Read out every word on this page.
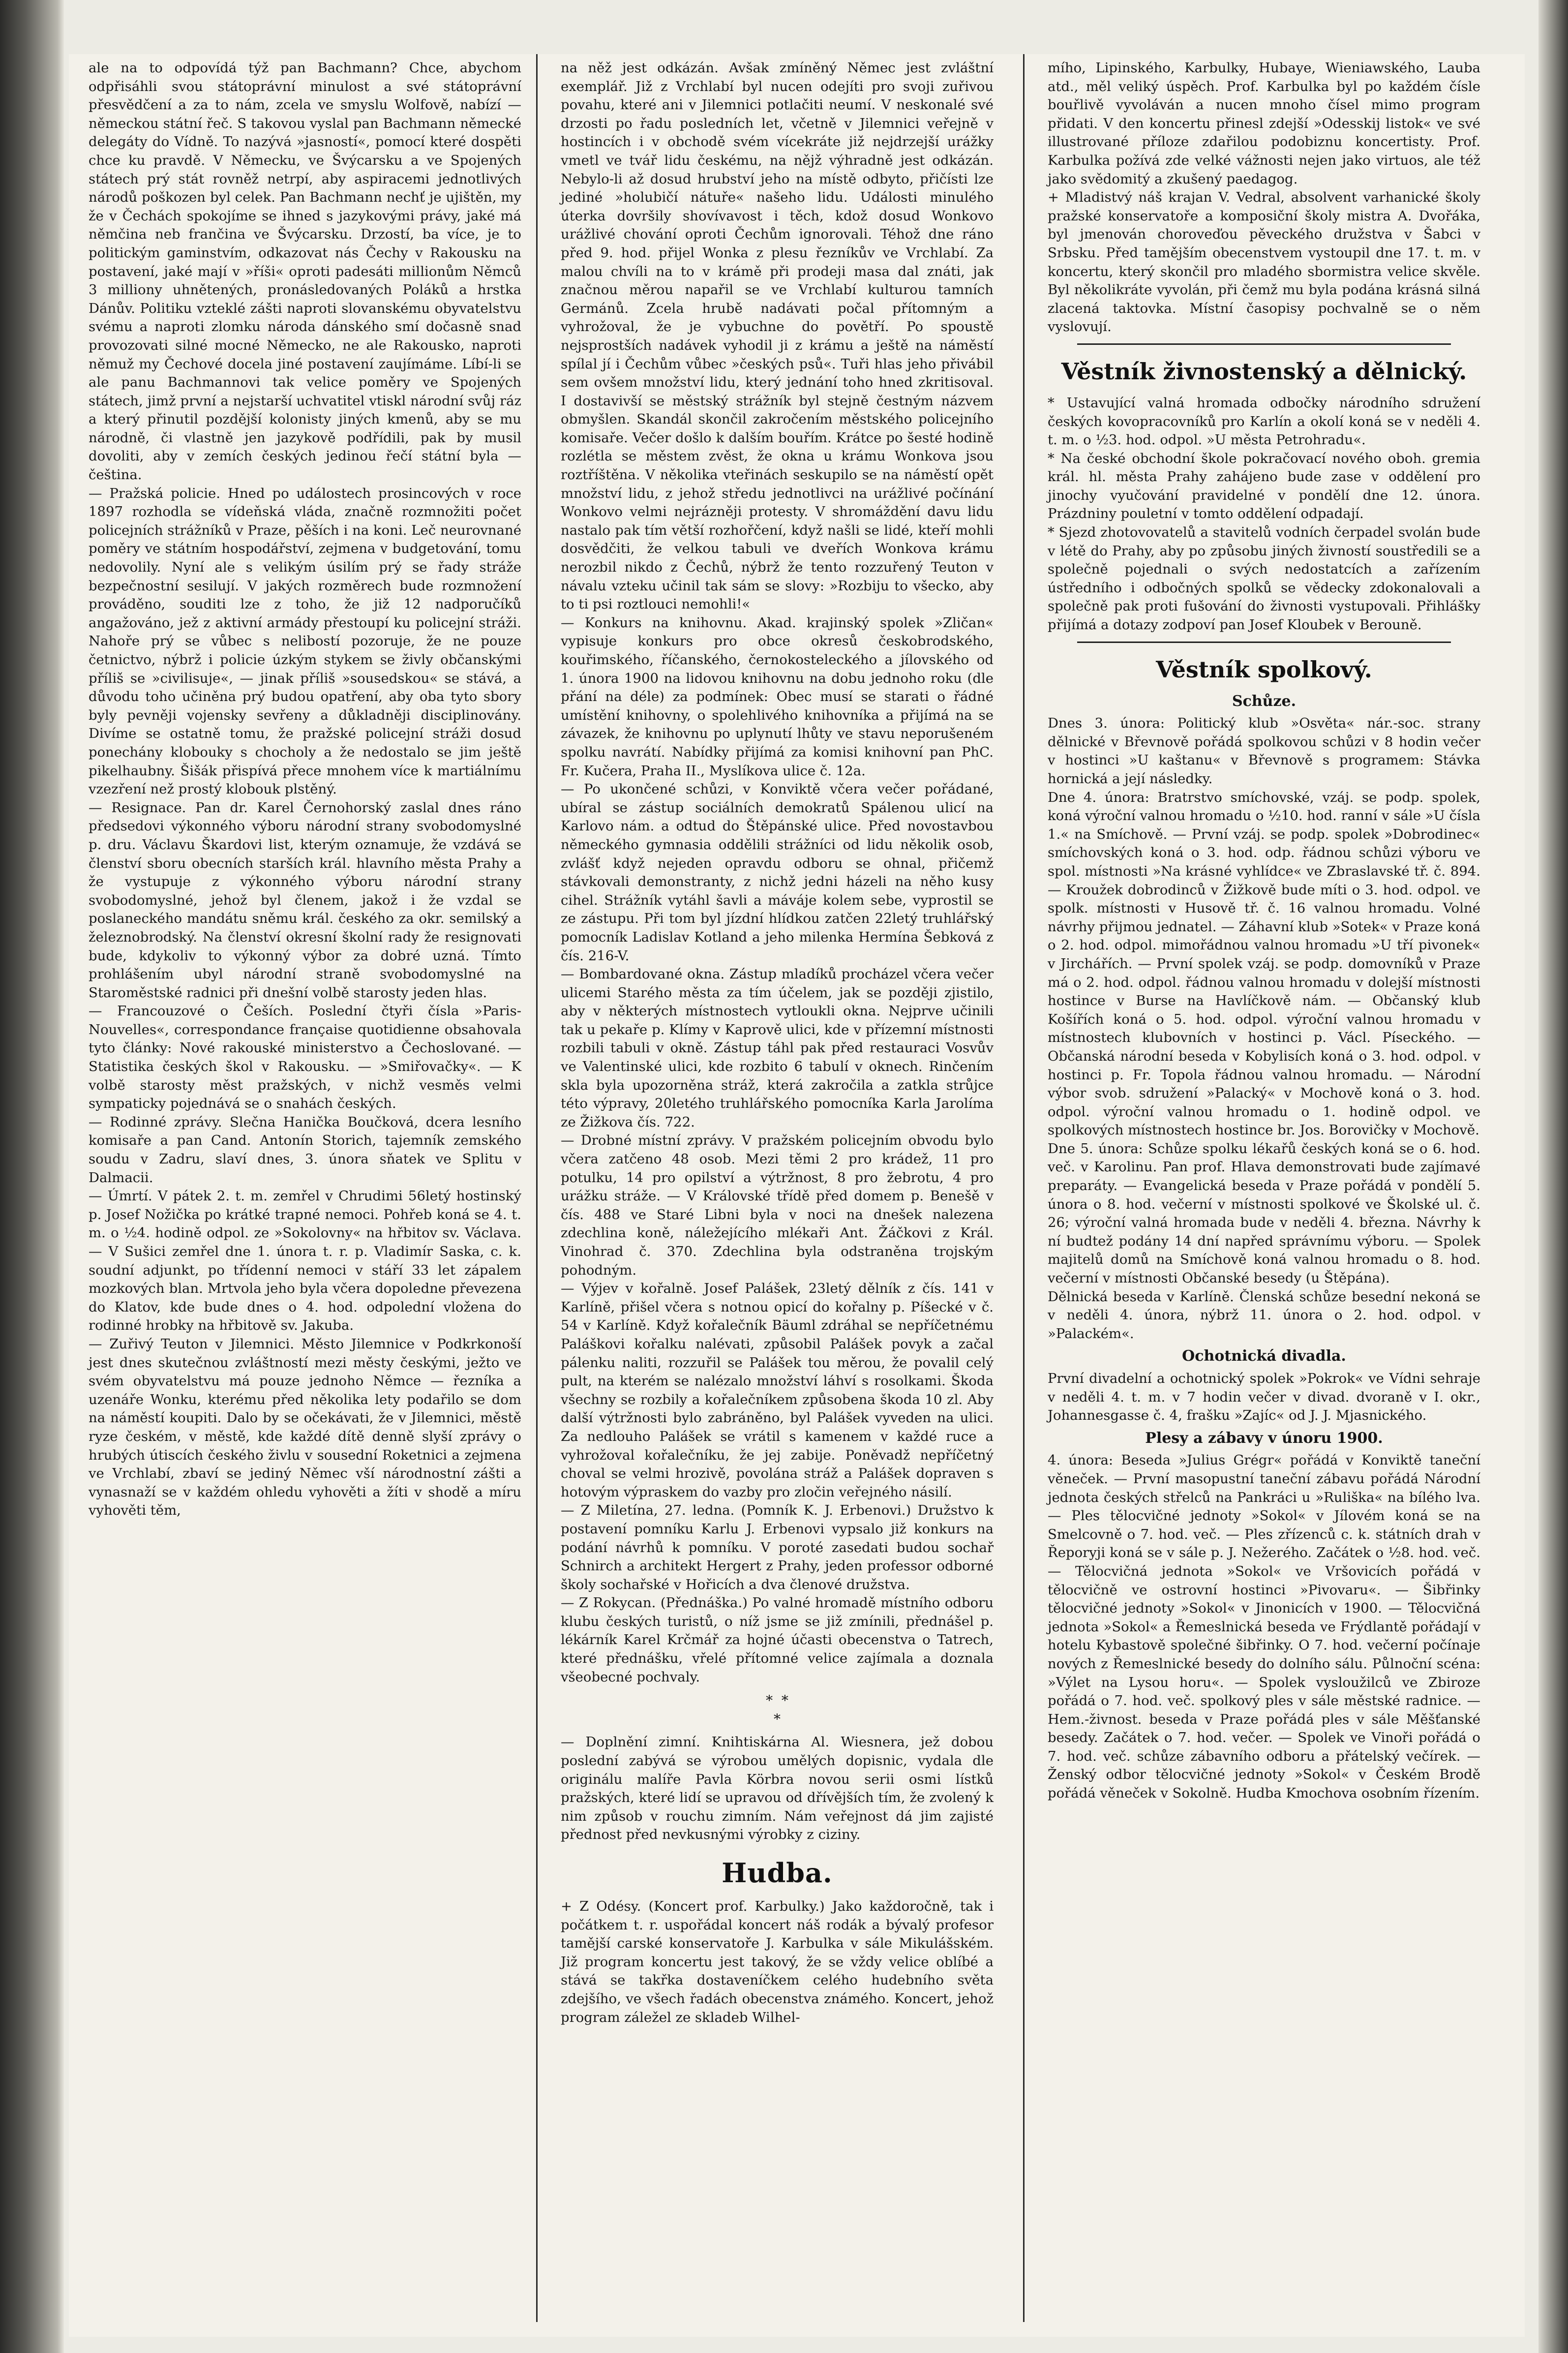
ale na to odpovídá týž pan Bachmann? Chce, abychom odpřisáhli svou státoprávní minulost a své státoprávní přesvědčení a za to nám, zcela ve smyslu Wolfově, nabízí — německou státní řeč. S takovou vyslal pan Bachmann německé delegáty do Vídně. To nazývá »jasností«, pomocí které dospěti chce ku pravdě. V Německu, ve Švýcarsku a ve Spojených státech prý stát rovněž netrpí, aby aspiracemi jednotlivých národů poškozen byl celek. Pan Bachmann nechť je ujištěn, my že v Čechách spokojíme se ihned s jazykovými právy, jaké má němčina neb frančina ve Švýcarsku. Drzostí, ba více, je to politickým gaminstvím, odkazovat nás Čechy v Rakousku na postavení, jaké mají v »říši« oproti padesáti millionům Němců 3 milliony uhnětených, pronásledovaných Poláků a hrstka Dánův. Politiku vzteklé zášti naproti slovanskému obyvatelstvu svému a naproti zlomku národa dánského smí dočasně snad provozovati silné mocné Německo, ne ale Rakousko, naproti němuž my Čechové docela jiné postavení zaujímáme. Líbí-li se ale panu Bachmannovi tak velice poměry ve Spojených státech, jimž první a nejstarší uchvatitel vtiskl národní svůj ráz a který přinutil pozdější kolonisty jiných kmenů, aby se mu národně, či vlastně jen jazykově podřídili, pak by musil dovoliti, aby v zemích českých jedinou řečí státní byla — čeština.

— Pražská policie. Hned po událostech prosincových v roce 1897 rozhodla se vídeňská vláda, značně rozmnožiti počet policejních strážníků v Praze, pěších i na koni. Leč neurovnané poměry ve státním hospodářství, zejmena v budgetování, tomu nedovolily. Nyní ale s velikým úsilím prý se řady stráže bezpečnostní sesilují. V jakých rozměrech bude rozmnožení prováděno, souditi lze z toho, že již 12 nadporučíků angažováno, jež z aktivní armády přestoupí ku policejní stráži. Nahoře prý se vůbec s nelibostí pozoruje, že ne pouze četnictvo, nýbrž i policie úzkým stykem se živly občanskými příliš se »civilisuje«, — jinak příliš »sousedskou« se stává, a důvodu toho učiněna prý budou opatření, aby oba tyto sbory byly pevněji vojensky sevřeny a důkladněji disciplinovány. Divíme se ostatně tomu, že pražské policejní stráži dosud ponechány klobouky s chocholy a že nedostalo se jim ještě pikelhaubny. Šišák přispívá přece mnohem více k martiálnímu vzezření než prostý klobouk plstěný.

— Resignace. Pan dr. Karel Černohorský zaslal dnes ráno předsedovi výkonného výboru národní strany svobodomyslné p. dru. Václavu Škardovi list, kterým oznamuje, že vzdává se členství sboru obecních starších král. hlavního města Prahy a že vystupuje z výkonného výboru národní strany svobodomyslné, jehož byl členem, jakož i že vzdal se poslaneckého mandátu sněmu král. českého za okr. semilský a železnobrodský. Na členství okresní školní rady že resignovati bude, kdykoliv to výkonný výbor za dobré uzná. Tímto prohlášením ubyl národní straně svobodomyslné na Staroměstské radnici při dnešní volbě starosty jeden hlas.

— Francouzové o Češích. Poslední čtyři čísla »Paris-Nouvelles«, correspondance française quotidienne obsahovala tyto články: Nové rakouské ministerstvo a Čechoslované. — Statistika českých škol v Rakousku. — »Smiřovačky«. — K volbě starosty měst pražských, v nichž vesměs velmi sympaticky pojednává se o snahách českých.

— Rodinné zprávy. Slečna Hanička Boučková, dcera lesního komisaře a pan Cand. Antonín Storich, tajemník zemského soudu v Zadru, slaví dnes, 3. února sňatek ve Splitu v Dalmacii.

— Úmrtí. V pátek 2. t. m. zemřel v Chrudimi 56letý hostinský p. Josef Nožička po krátké trapné nemoci. Pohřeb koná se 4. t. m. o ½4. hodině odpol. ze »Sokolovny« na hřbitov sv. Václava. — V Sušici zemřel dne 1. února t. r. p. Vladimír Saska, c. k. soudní adjunkt, po třídenní nemoci v stáří 33 let zápalem mozkových blan. Mrtvola jeho byla včera dopoledne převezena do Klatov, kde bude dnes o 4. hod. odpolední vložena do rodinné hrobky na hřbitově sv. Jakuba.

— Zuřivý Teuton v Jilemnici. Město Jilemnice v Podkrkonoší jest dnes skutečnou zvláštností mezi městy českými, ježto ve svém obyvatelstvu má pouze jednoho Němce — řezníka a uzenáře Wonku, kterému před několika lety podařilo se dom na náměstí koupiti. Dalo by se očekávati, že v Jilemnici, městě ryze českém, v městě, kde každé dítě denně slyší zprávy o hrubých útiscích českého živlu v sousední Roketnici a zejmena ve Vrchlabí, zbaví se jediný Němec vší národnostní zášti a vynasnaží se v každém ohledu vyhověti a žíti v shodě a míru vyhověti těm,

na něž jest odkázán. Avšak zmíněný Němec jest zvláštní exemplář. Již z Vrchlabí byl nucen odejíti pro svoji zuřivou povahu, které ani v Jilemnici potlačiti neumí. V neskonalé své drzosti po řadu posledních let, včetně v Jilemnici veřejně v hostincích i v obchodě svém vícekráte již nejdrzejší urážky vmetl ve tvář lidu českému, na nějž výhradně jest odkázán. Nebylo-li až dosud hrubství jeho na místě odbyto, přičísti lze jediné »holubičí nátuře« našeho lidu. Události minulého úterka dovršily shovívavost i těch, kdož dosud Wonkovo urážlivé chování oproti Čechům ignorovali. Téhož dne ráno před 9. hod. přijel Wonka z plesu řezníkův ve Vrchlabí. Za malou chvíli na to v krámě při prodeji masa dal znáti, jak značnou měrou napařil se ve Vrchlabí kulturou tamních Germánů. Zcela hrubě nadávati počal přítomným a vyhrožoval, že je vybuchne do povětří. Po spoustě nejsprostších nadávek vyhodil ji z krámu a ještě na náměstí spílal jí i Čechům vůbec »českých psů«. Tuři hlas jeho přivábil sem ovšem množství lidu, který jednání toho hned zkritisoval. I dostavivší se městský strážník byl stejně čestným názvem obmyšlen. Skandál skončil zakročením městského policejního komisaře. Večer došlo k dalším bouřím. Krátce po šesté hodině rozlétla se městem zvěst, že okna u krámu Wonkova jsou roztříštěna. V několika vteřinách seskupilo se na náměstí opět množství lidu, z jehož středu jednotlivci na urážlivé počínání Wonkovo velmi nejrázněji protesty. V shromáždění davu lidu nastalo pak tím větší rozhořčení, když našli se lidé, kteří mohli dosvědčiti, že velkou tabuli ve dveřích Wonkova krámu nerozbil nikdo z Čechů, nýbrž že tento rozzuřený Teuton v návalu vzteku učinil tak sám se slovy: »Rozbiju to všecko, aby to ti psi roztlouci nemohli!«

— Konkurs na knihovnu. Akad. krajinský spolek »Zličan« vypisuje konkurs pro obce okresů českobrodského, kouřimského, říčanského, černokosteleckého a jílovského od 1. února 1900 na lidovou knihovnu na dobu jednoho roku (dle přání na déle) za podmínek: Obec musí se starati o řádné umístění knihovny, o spolehlivého knihovníka a přijímá na se závazek, že knihovnu po uplynutí lhůty ve stavu neporušeném spolku navrátí. Nabídky přijímá za komisi knihovní pan PhC. Fr. Kučera, Praha II., Myslíkova ulice č. 12a.

— Po ukončené schůzi, v Konviktě včera večer pořádané, ubíral se zástup sociálních demokratů Spálenou ulicí na Karlovo nám. a odtud do Štěpánské ulice. Před novostavbou německého gymnasia oddělili strážníci od lidu několik osob, zvlášť když nejeden opravdu odboru se ohnal, přičemž stávkovali demonstranty, z nichž jedni házeli na něho kusy cihel. Strážník vytáhl šavli a máváje kolem sebe, vyprostil se ze zástupu. Při tom byl jízdní hlídkou zatčen 22letý truhlářský pomocník Ladislav Kotland a jeho milenka Hermína Šebková z čís. 216-V.

— Bombardované okna. Zástup mladíků procházel včera večer ulicemi Starého města za tím účelem, jak se později zjistilo, aby v některých místnostech vytloukli okna. Nejprve učinili tak u pekaře p. Klímy v Kaprově ulici, kde v přízemní místnosti rozbili tabuli v okně. Zástup táhl pak před restauraci Vosvův ve Valentinské ulici, kde rozbito 6 tabulí v oknech. Rinčením skla byla upozorněna stráž, která zakročila a zatkla strůjce této výpravy, 20letého truhlářského pomocníka Karla Jarolíma ze Žižkova čís. 722.

— Drobné místní zprávy. V pražském policejním obvodu bylo včera zatčeno 48 osob. Mezi těmi 2 pro krádež, 11 pro potulku, 14 pro opilství a výtržnost, 8 pro žebrotu, 4 pro urážku stráže. — V Královské třídě před domem p. Benešě v čís. 488 ve Staré Libni byla v noci na dnešek nalezena zdechlina koně, náležejícího mlékaři Ant. Žáčkovi z Král. Vinohrad č. 370. Zdechlina byla odstraněna trojským pohodným.

— Výjev v kořalně. Josef Palášek, 23letý dělník z čís. 141 v Karlíně, přišel včera s notnou opicí do kořalny p. Píšecké v č. 54 v Karlíně. Když kořalečník Bäuml zdráhal se nepříčetnému Paláškovi kořalku nalévati, způsobil Palášek povyk a začal pálenku naliti, rozzuřil se Palášek tou měrou, že povalil celý pult, na kterém se nalézalo množství láhví s rosolkami. Škoda všechny se rozbily a kořalečníkem způsobena škoda 10 zl. Aby další výtržnosti bylo zabráněno, byl Palášek vyveden na ulici. Za nedlouho Palášek se vrátil s kamenem v každé ruce a vyhrožoval kořalečníku, že jej zabije. Poněvadž nepříčetný choval se velmi hrozivě, povolána stráž a Palášek dopraven s hotovým výpraskem do vazby pro zločin veřejného násilí.

— Z Miletína, 27. ledna. (Pomník K. J. Erbenovi.) Družstvo k postavení pomníku Karlu J. Erbenovi vypsalo již konkurs na podání návrhů k pomníku. V poroté zasedati budou sochař Schnirch a architekt Hergert z Prahy, jeden professor odborné školy sochařské v Hořicích a dva členové družstva.

— Z Rokycan. (Přednáška.) Po valné hromadě místního odboru klubu českých turistů, o níž jsme se již zmínili, přednášel p. lékárník Karel Krčmář za hojné účasti obecenstva o Tatrech, které přednášku, vřelé přítomné velice zajímala a doznala všeobecné pochvaly.

*  *
*

— Doplnění zimní. Knihtiskárna Al. Wiesnera, jež dobou poslední zabývá se výrobou umělých dopisnic, vydala dle originálu malíře Pavla Körbra novou serii osmi lístků pražských, které lidí se upravou od dřívějších tím, že zvolený k nim způsob v rouchu zimním. Nám veřejnost dá jim zajisté přednost před nevkusnými výrobky z ciziny.

Hudba.

+ Z Odésy. (Koncert prof. Karbulky.) Jako každoročně, tak i počátkem t. r. uspořádal koncert náš rodák a bývalý profesor tamější carské konservatoře J. Karbulka v sále Mikulášském. Již program koncertu jest takový, že se vždy velice oblíbé a stává se takřka dostaveníčkem celého hudebního světa zdejšího, ve všech řadách obecenstva známého. Koncert, jehož program záležel ze skladeb Wilhel-

mího, Lipinského, Karbulky, Hubaye, Wieniawského, Lauba atd., měl veliký úspěch. Prof. Karbulka byl po každém čísle bouřlivě vyvoláván a nucen mnoho čísel mimo program přidati. V den koncertu přinesl zdejší »Odesskij listok« ve své illustrované příloze zdařilou podobiznu koncertisty. Prof. Karbulka požívá zde velké vážnosti nejen jako virtuos, ale též jako svědomitý a zkušený paedagog.

+ Mladistvý náš krajan V. Vedral, absolvent varhanické školy pražské konservatoře a komposiční školy mistra A. Dvořáka, byl jmenován choroveďou pěveckého družstva v Šabci v Srbsku. Před tamějším obecenstvem vystoupil dne 17. t. m. v koncertu, který skončil pro mladého sbormistra velice skvěle. Byl několikráte vyvolán, při čemž mu byla podána krásná silná zlacená taktovka. Místní časopisy pochvalně se o něm vyslovují.

Věstník živnostenský a dělnický.

* Ustavující valná hromada odbočky národního sdružení českých kovopracovníků pro Karlín a okolí koná se v neděli 4. t. m. o ½3. hod. odpol. »U města Petrohradu«.

* Na české obchodní škole pokračovací nového oboh. gremia král. hl. města Prahy zahájeno bude zase v oddělení pro jinochy vyučování pravidelné v pondělí dne 12. února. Prázdniny pouletní v tomto oddělení odpadají.

* Sjezd zhotovovatelů a stavitelů vodních čerpadel svolán bude v létě do Prahy, aby po způsobu jiných živností soustředili se a společně pojednali o svých nedostatcích a zařízením ústředního i odbočných spolků se vědecky zdokonalovali a společně pak proti fušování do živnosti vystupovali. Přihlášky přijímá a dotazy zodpoví pan Josef Kloubek v Berouně.

Věstník spolkový.
Schůze.

Dnes 3. února: Politický klub »Osvěta« nár.-soc. strany dělnické v Břevnově pořádá spolkovou schůzi v 8 hodin večer v hostinci »U kaštanu« v Břevnově s programem: Stávka hornická a její následky.

Dne 4. února: Bratrstvo smíchovské, vzáj. se podp. spolek, koná výroční valnou hromadu o ½10. hod. ranní v sále »U čísla 1.« na Smíchově. — První vzáj. se podp. spolek »Dobrodinec« smíchovských koná o 3. hod. odp. řádnou schůzi výboru ve spol. místnosti »Na krásné vyhlídce« ve Zbraslavské tř. č. 894. — Kroužek dobrodinců v Žižkově bude míti o 3. hod. odpol. ve spolk. místnosti v Husově tř. č. 16 valnou hromadu. Volné návrhy přijmou jednatel. — Záhavní klub »Sotek« v Praze koná o 2. hod. odpol. mimořádnou valnou hromadu »U tří pivonek« v Jirchářích. — První spolek vzáj. se podp. domovníků v Praze má o 2. hod. odpol. řádnou valnou hromadu v dolejší místnosti hostince v Burse na Havlíčkově nám. — Občanský klub Košířích koná o 5. hod. odpol. výroční valnou hromadu v místnostech klubovních v hostinci p. Václ. Píseckého. — Občanská národní beseda v Kobylisích koná o 3. hod. odpol. v hostinci p. Fr. Topola řádnou valnou hromadu. — Národní výbor svob. sdružení »Palacký« v Mochově koná o 3. hod. odpol. výroční valnou hromadu o 1. hodině odpol. ve spolkových místnostech hostince br. Jos. Borovičky v Mochově.

Dne 5. února: Schůze spolku lékařů českých koná se o 6. hod. več. v Karolinu. Pan prof. Hlava demonstrovati bude zajímavé preparáty. — Evangelická beseda v Praze pořádá v pondělí 5. února o 8. hod. večerní v místnosti spolkové ve Školské ul. č. 26; výroční valná hromada bude v neděli 4. března. Návrhy k ní budtež podány 14 dní napřed správnímu výboru. — Spolek majitelů domů na Smíchově koná valnou hromadu o 8. hod. večerní v místnosti Občanské besedy (u Štěpána).

Dělnická beseda v Karlíně. Členská schůze besední nekoná se v neděli 4. února, nýbrž 11. února o 2. hod. odpol. v »Palackém«.

Ochotnická divadla.

První divadelní a ochotnický spolek »Pokrok« ve Vídni sehraje v neděli 4. t. m. v 7 hodin večer v divad. dvoraně v I. okr., Johannesgasse č. 4, frašku »Zajíc« od J. J. Mjasnického.

Plesy a zábavy v únoru 1900.

4. února: Beseda »Julius Grégr« pořádá v Konviktě taneční věneček. — První masopustní taneční zábavu pořádá Národní jednota českých střelců na Pankráci u »Ruliška« na bílého lva. — Ples tělocvičné jednoty »Sokol« v Jílovém koná se na Smelcovně o 7. hod. več. — Ples zřízenců c. k. státních drah v Řeporyji koná se v sále p. J. Nežerého. Začátek o ½8. hod. več. — Tělocvičná jednota »Sokol« ve Vršovicích pořádá v tělocvičně ve ostrovní hostinci »Pivovaru«. — Šibřinky tělocvičné jednoty »Sokol« v Jinonicích v 1900. — Tělocvičná jednota »Sokol« a Řemeslnická beseda ve Frýdlantě pořádají v hotelu Kybastově společné šibřinky. O 7. hod. večerní počínaje nových z Řemeslnické besedy do dolního sálu. Půlnoční scéna: »Výlet na Lysou horu«. — Spolek vysloužilců ve Zbiroze pořádá o 7. hod. več. spolkový ples v sále městské radnice. — Hem.-živnost. beseda v Praze pořádá ples v sále Měšťanské besedy. Začátek o 7. hod. večer. — Spolek ve Vinoři pořádá o 7. hod. več. schůze zábavního odboru a přátelský večírek. — Ženský odbor tělocvičné jednoty »Sokol« v Českém Brodě pořádá věneček v Sokolně. Hudba Kmochova osobním řízením.
